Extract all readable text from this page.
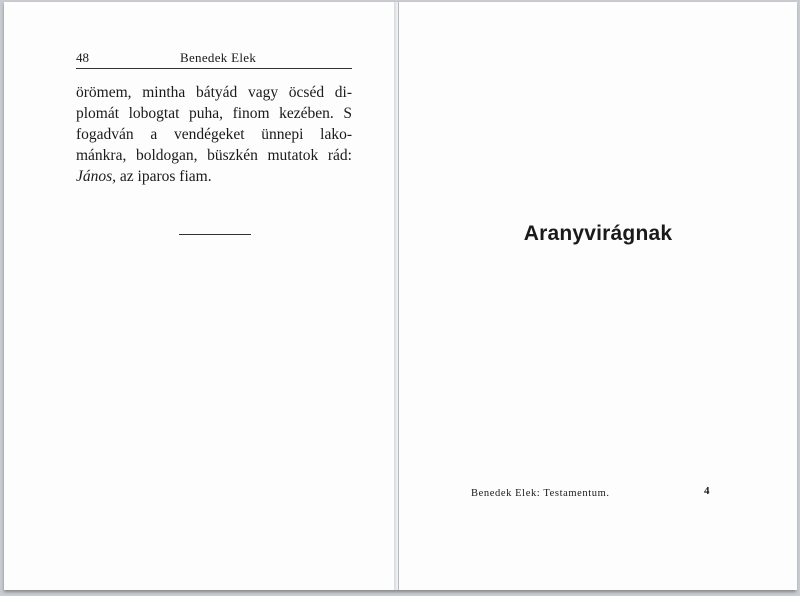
48	Benedek Elek
örömem, mintha bátyád vagy öcséd di-
plomát lobogtat puha, finom kezében. S
fogadván a vendégeket ünnepi lako-
mánkra, boldogan, büszkén mutatok rád:
János, az iparos fiam.
Aranyvirágnak
Benedek Elek: Testamentum.	4
